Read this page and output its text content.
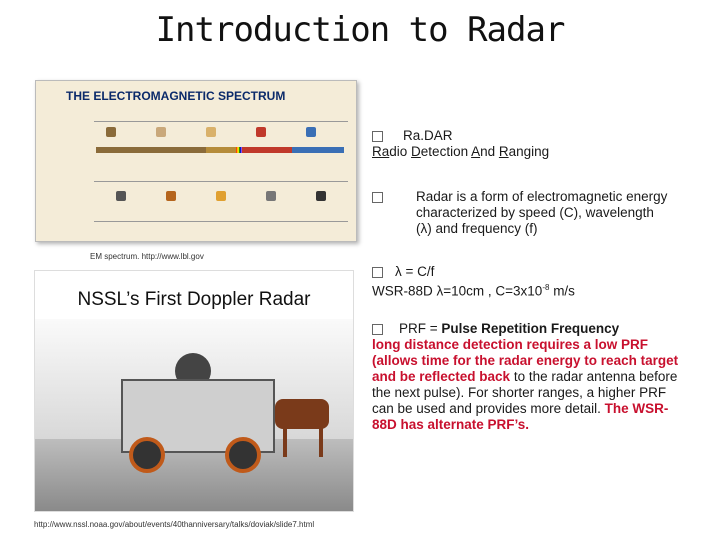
Introduction to Radar
THE ELECTROMAGNETIC SPECTRUM
EM spectrum. http://www.lbl.gov
NSSL’s First Doppler Radar
http://www.nssl.noaa.gov/about/events/40thanniversary/talks/doviak/slide7.html
Ra.DAR
Radio Detection And Ranging
Radar is a form of electromagnetic energy characterized by speed (C), wavelength (λ) and frequency (f)
λ = C/f
WSR-88D λ=10cm , $C=3x10^{-8}$ m/s
PRF = Pulse Repetition Frequency
long distance detection requires a low PRF (allows time for the radar energy to reach target and be reflected back to the radar antenna before the next pulse). For shorter ranges, a higher PRF can be used and provides more detail. The WSR-88D has alternate PRF’s.
